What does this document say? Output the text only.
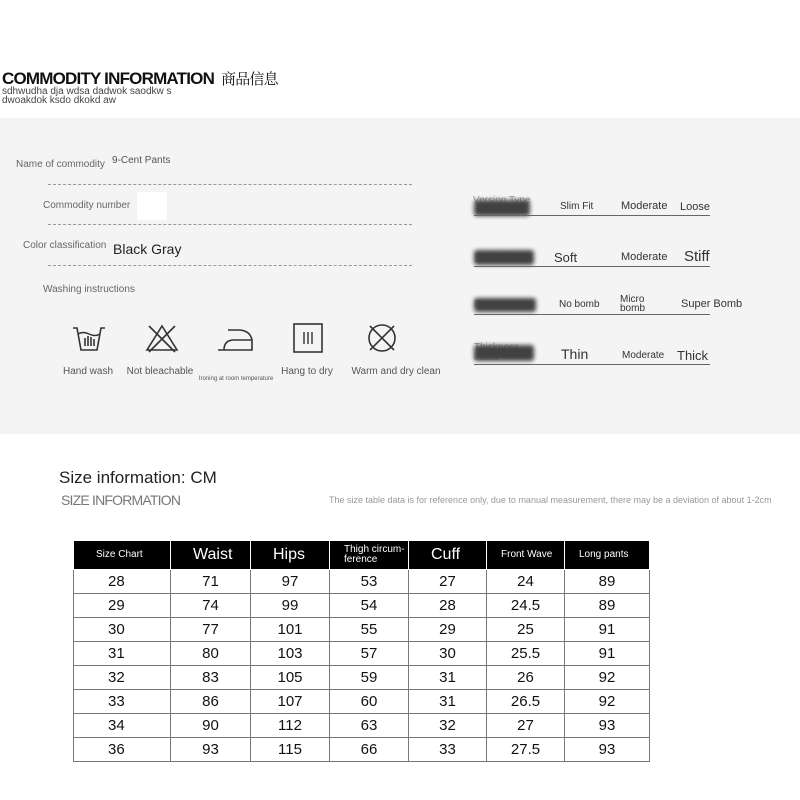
COMMODITY INFORMATION 商品信息
sdhwudha dja wdsa dadwok saodkw s dwoakdok ksdo dkokd aw
Name of commodity 9-Cent Pants
Commodity number
Color classification Black Gray
Washing instructions
Hand wash	Not bleachable
Ironing at room temperature
Hang to dry	Warm and dry clean
Version Type
Slim Fit	Moderate Loose
Soft index	Soft	Moderate Stiff
Elastic index	No bomb Micro bomb	Super Bomb
Thickness index	Thin	Moderate Thick
Size information: CM
SIZE INFORMATION	The size table data is for reference only, due to manual measurement, there may be a deviation of about 1-2cm
Size Chart	Waist	Hips	Thigh circum-ference	Cuff	Front Wave	Long pants
28	71	97	53	27	24	89
29	74	99	54	28	24.5	89
30	77	101	55	29	25	91
31	80	103	57	30	25.5	91
32	83	105	59	31	26	92
33	86	107	60	31	26.5	92
34	90	112	63	32	27	93
36	93	115	66	33	27.5	93
